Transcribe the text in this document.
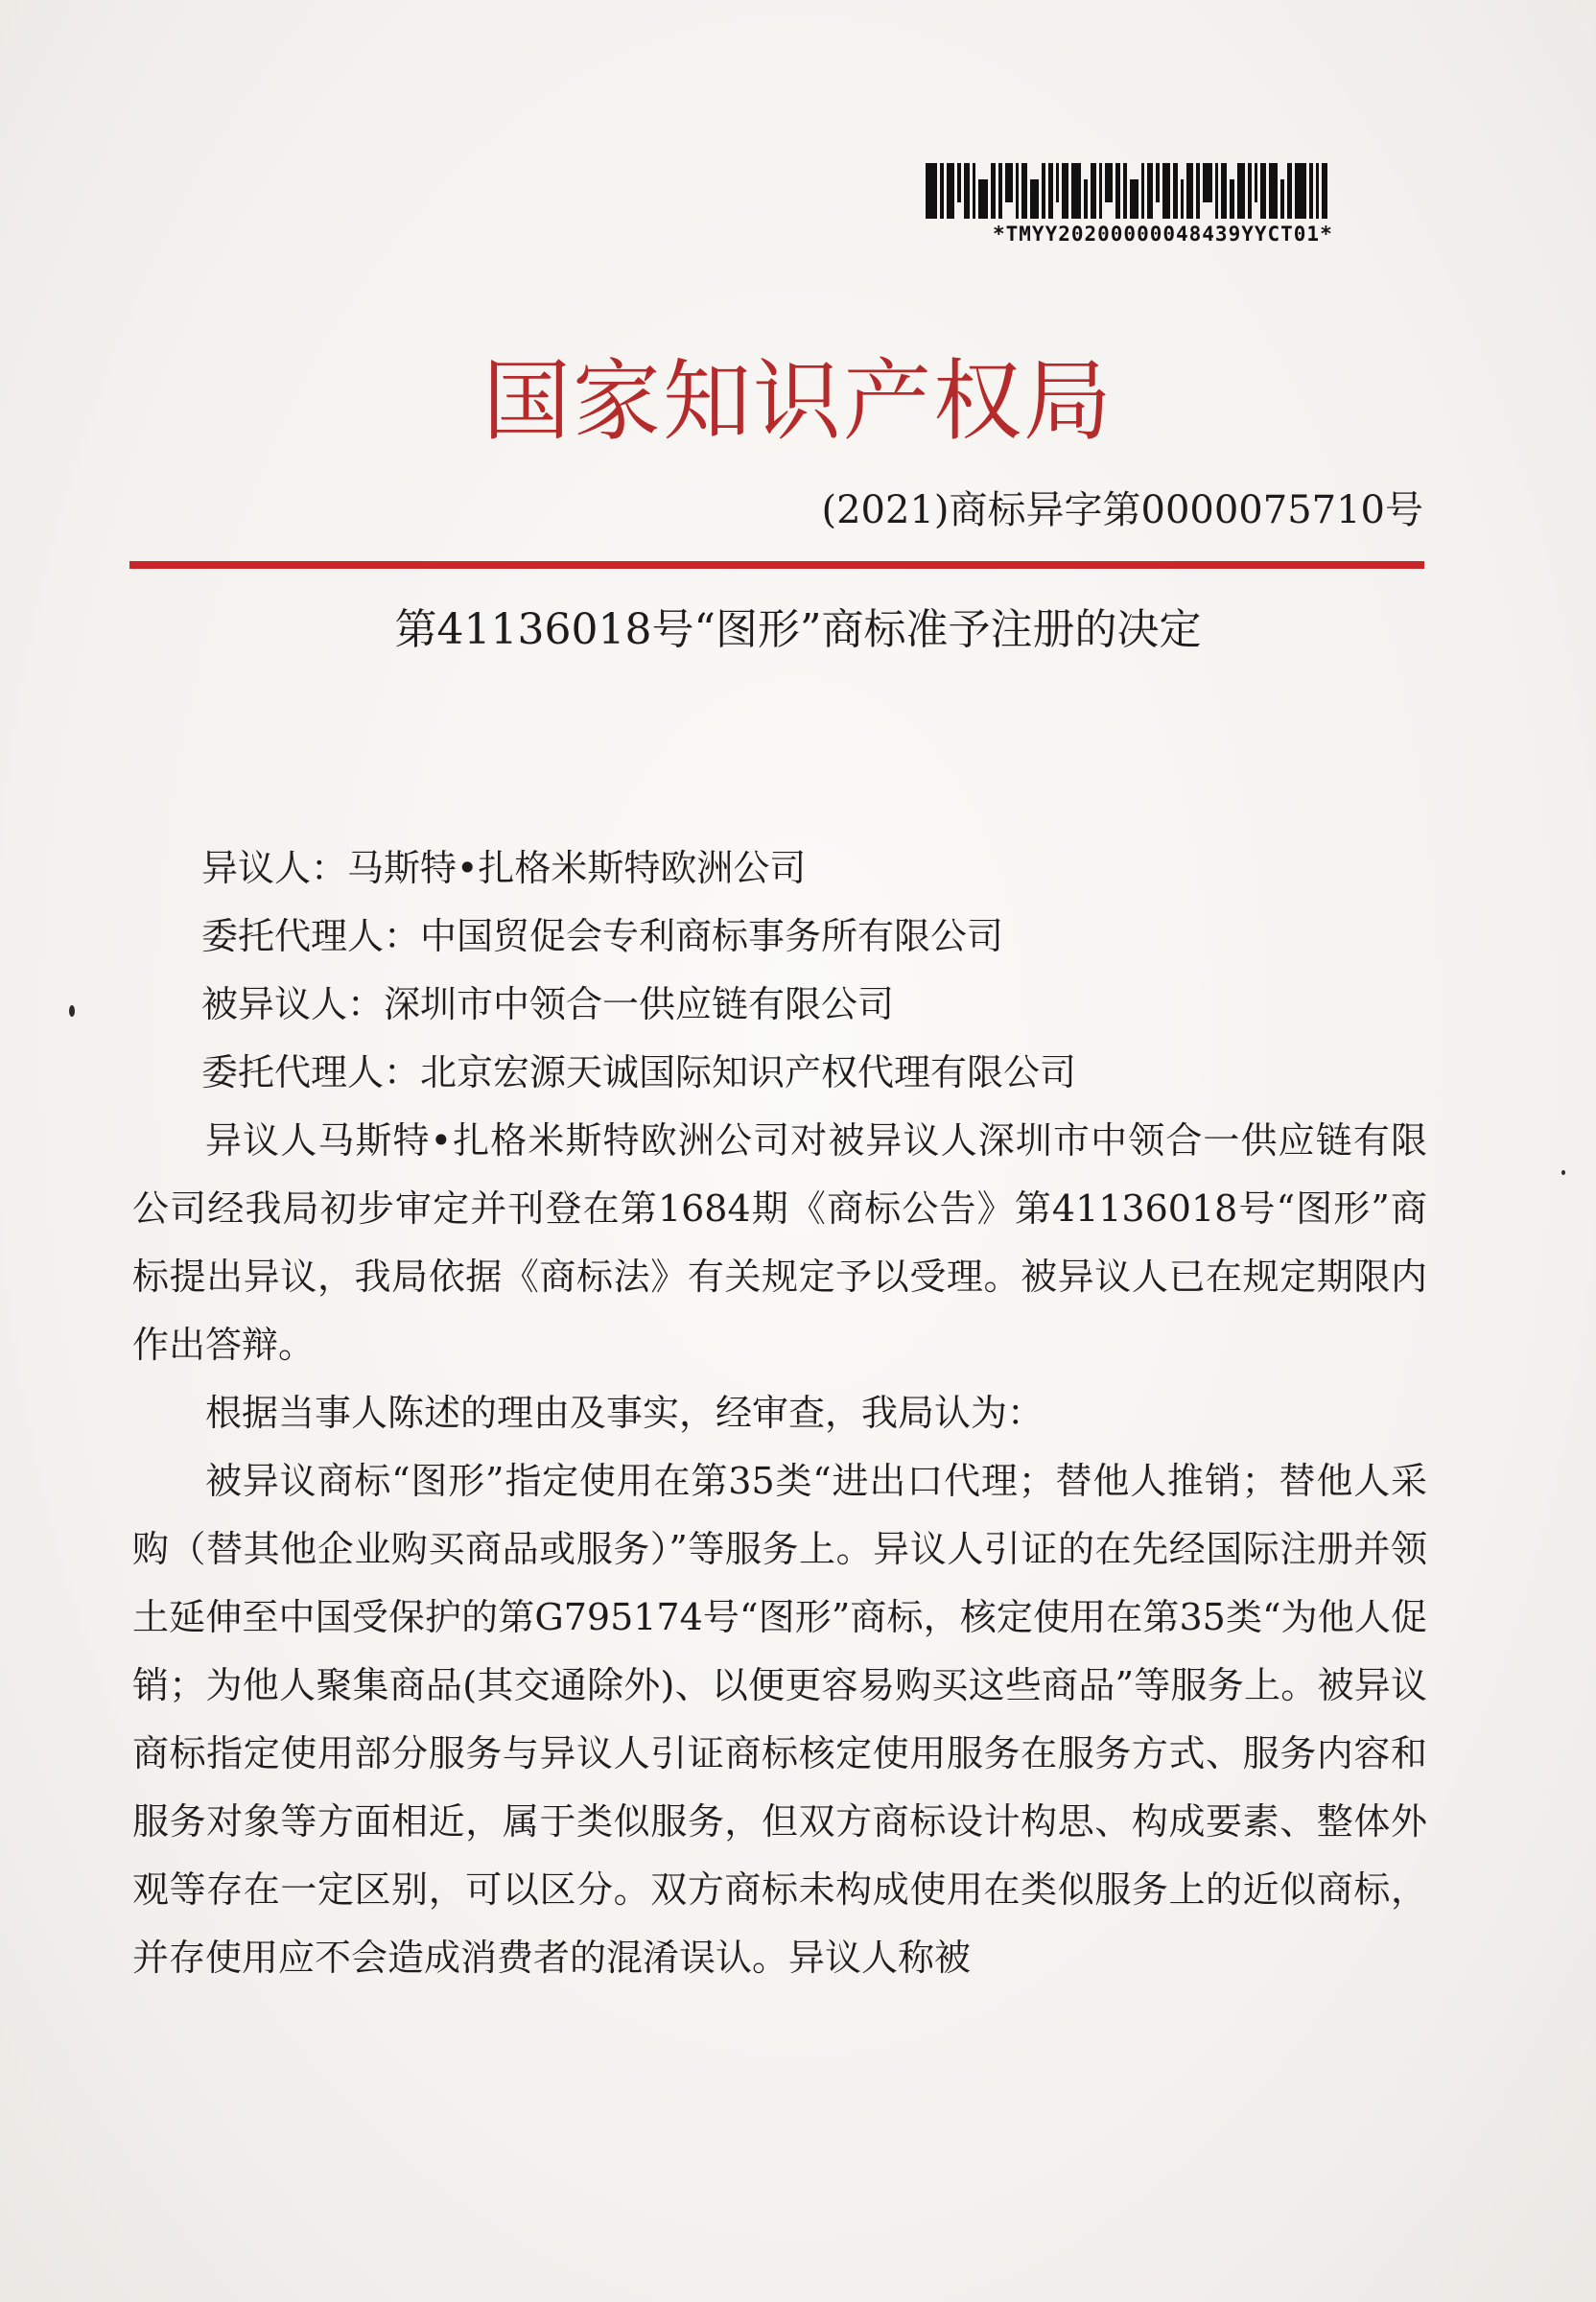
*TMYY20200000048439YYCT01*
国家知识产权局
(2021)商标异字第0000075710号
第41136018号“图形”商标准予注册的决定
异议人：马斯特•扎格米斯特欧洲公司
委托代理人：中国贸促会专利商标事务所有限公司
被异议人：深圳市中领合一供应链有限公司
委托代理人：北京宏源天诚国际知识产权代理有限公司

异议人马斯特•扎格米斯特欧洲公司对被异议人深圳市中领合一供应链有限公司经我局初步审定并刊登在第1684期《商标公告》第41136018号“图形”商标提出异议，我局依据《商标法》有关规定予以受理。被异议人已在规定期限内作出答辩。

根据当事人陈述的理由及事实，经审查，我局认为：

被异议商标“图形”指定使用在第35类“进出口代理；替他人推销；替他人采购（替其他企业购买商品或服务）”等服务上。异议人引证的在先经国际注册并领土延伸至中国受保护的第G795174号“图形”商标，核定使用在第35类“为他人促销；为他人聚集商品(其交通除外)、以便更容易购买这些商品”等服务上。被异议商标指定使用部分服务与异议人引证商标核定使用服务在服务方式、服务内容和服务对象等方面相近，属于类似服务，但双方商标设计构思、构成要素、整体外观等存在一定区别，可以区分。双方商标未构成使用在类似服务上的近似商标，并存使用应不会造成消费者的混淆误认。异议人称被
